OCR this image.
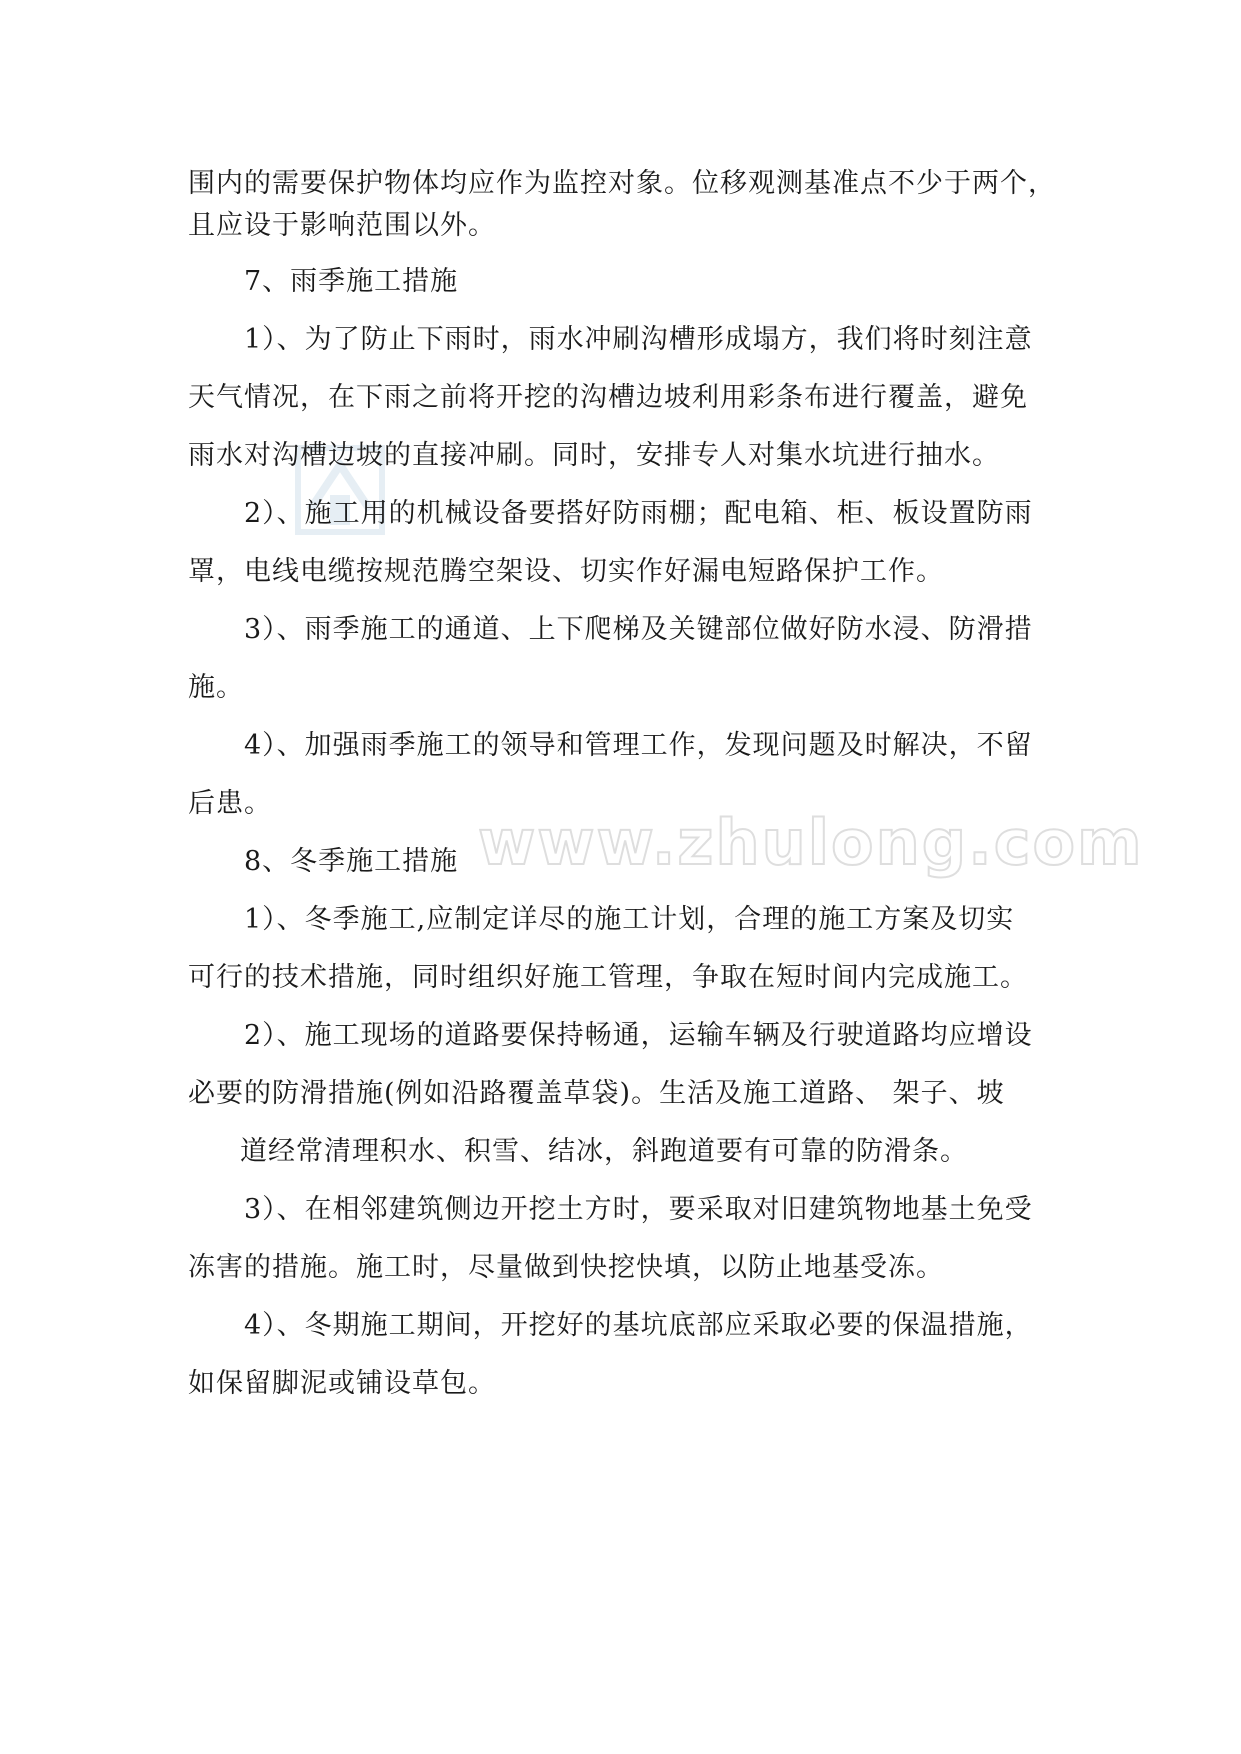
www.zhulong.com
围内的需要保护物体均应作为监控对象。位移观测基准点不少于两个，
且应设于影响范围以外。
7、雨季施工措施
1）、为了防止下雨时，雨水冲刷沟槽形成塌方，我们将时刻注意
天气情况，在下雨之前将开挖的沟槽边坡利用彩条布进行覆盖，避免
雨水对沟槽边坡的直接冲刷。同时，安排专人对集水坑进行抽水。
2）、施工用的机械设备要搭好防雨棚；配电箱、柜、板设置防雨
罩，电线电缆按规范腾空架设、切实作好漏电短路保护工作。
3）、雨季施工的通道、上下爬梯及关键部位做好防水浸、防滑措
施。
4）、加强雨季施工的领导和管理工作，发现问题及时解决，不留
后患。
8、冬季施工措施
1）、冬季施工,应制定详尽的施工计划，合理的施工方案及切实
可行的技术措施，同时组织好施工管理，争取在短时间内完成施工。
2）、施工现场的道路要保持畅通，运输车辆及行驶道路均应增设
必要的防滑措施(例如沿路覆盖草袋)。生活及施工道路、 架子、坡
道经常清理积水、积雪、结冰，斜跑道要有可靠的防滑条。
3）、在相邻建筑侧边开挖土方时，要采取对旧建筑物地基土免受
冻害的措施。施工时，尽量做到快挖快填，以防止地基受冻。
4）、冬期施工期间，开挖好的基坑底部应采取必要的保温措施，
如保留脚泥或铺设草包。
